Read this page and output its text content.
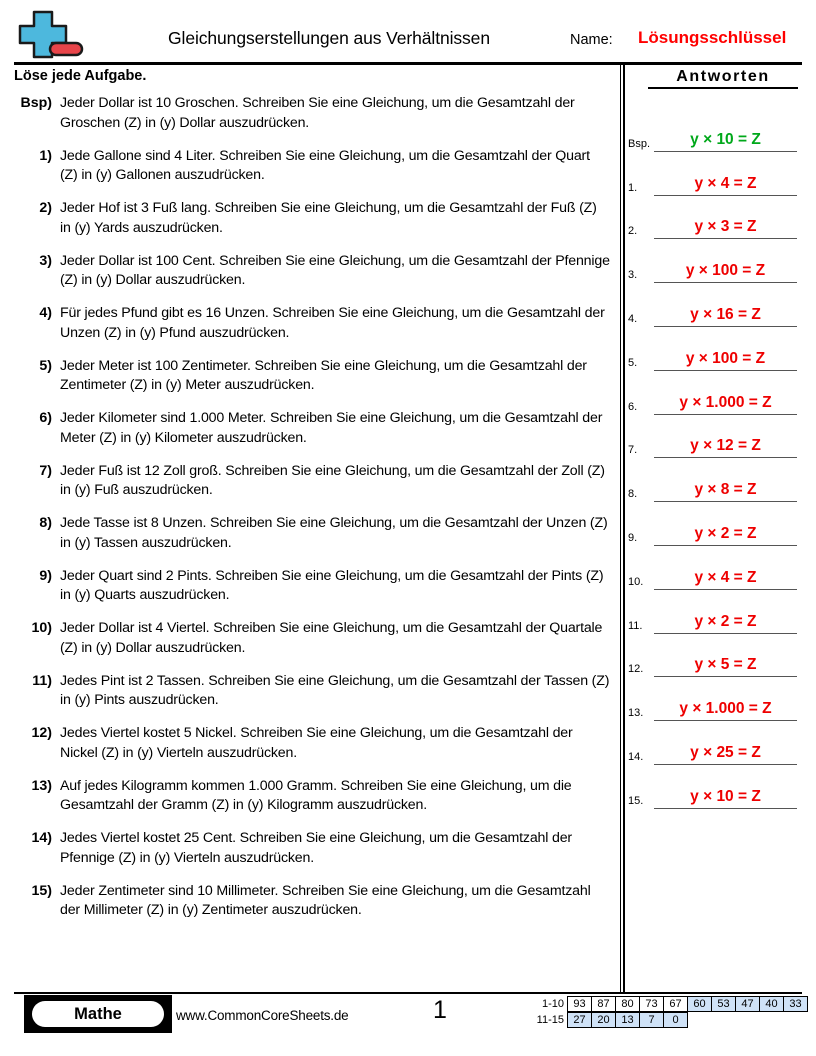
Gleichungserstellungen aus Verhältnissen	Name: Lösungsschlüssel
Löse jede Aufgabe.	Antworten
Bsp) Jeder Dollar ist 10 Groschen. Schreiben Sie eine Gleichung, um die Gesamtzahl der Groschen (Z) in (y) Dollar auszudrücken.
1) Jede Gallone sind 4 Liter. Schreiben Sie eine Gleichung, um die Gesamtzahl der Quart (Z) in (y) Gallonen auszudrücken.
2) Jeder Hof ist 3 Fuß lang. Schreiben Sie eine Gleichung, um die Gesamtzahl der Fuß (Z) in (y) Yards auszudrücken.
3) Jeder Dollar ist 100 Cent. Schreiben Sie eine Gleichung, um die Gesamtzahl der Pfennige (Z) in (y) Dollar auszudrücken.
4) Für jedes Pfund gibt es 16 Unzen. Schreiben Sie eine Gleichung, um die Gesamtzahl der Unzen (Z) in (y) Pfund auszudrücken.
5) Jeder Meter ist 100 Zentimeter. Schreiben Sie eine Gleichung, um die Gesamtzahl der Zentimeter (Z) in (y) Meter auszudrücken.
6) Jeder Kilometer sind 1.000 Meter. Schreiben Sie eine Gleichung, um die Gesamtzahl der Meter (Z) in (y) Kilometer auszudrücken.
7) Jeder Fuß ist 12 Zoll groß. Schreiben Sie eine Gleichung, um die Gesamtzahl der Zoll (Z) in (y) Fuß auszudrücken.
8) Jede Tasse ist 8 Unzen. Schreiben Sie eine Gleichung, um die Gesamtzahl der Unzen (Z) in (y) Tassen auszudrücken.
9) Jeder Quart sind 2 Pints. Schreiben Sie eine Gleichung, um die Gesamtzahl der Pints (Z) in (y) Quarts auszudrücken.
10) Jeder Dollar ist 4 Viertel. Schreiben Sie eine Gleichung, um die Gesamtzahl der Quartale (Z) in (y) Dollar auszudrücken.
11) Jedes Pint ist 2 Tassen. Schreiben Sie eine Gleichung, um die Gesamtzahl der Tassen (Z) in (y) Pints auszudrücken.
12) Jedes Viertel kostet 5 Nickel. Schreiben Sie eine Gleichung, um die Gesamtzahl der Nickel (Z) in (y) Vierteln auszudrücken.
13) Auf jedes Kilogramm kommen 1.000 Gramm. Schreiben Sie eine Gleichung, um die Gesamtzahl der Gramm (Z) in (y) Kilogramm auszudrücken.
14) Jedes Viertel kostet 25 Cent. Schreiben Sie eine Gleichung, um die Gesamtzahl der Pfennige (Z) in (y) Vierteln auszudrücken.
15) Jeder Zentimeter sind 10 Millimeter. Schreiben Sie eine Gleichung, um die Gesamtzahl der Millimeter (Z) in (y) Zentimeter auszudrücken.
Bsp.	y × 10 = Z
1.	y × 4 = Z
2.	y × 3 = Z
3.	y × 100 = Z
4.	y × 16 = Z
5.	y × 100 = Z
6.	y × 1.000 = Z
7.	y × 12 = Z
8.	y × 8 = Z
9.	y × 2 = Z
10.	y × 4 = Z
11.	y × 2 = Z
12.	y × 5 = Z
13.	y × 1.000 = Z
14.	y × 25 = Z
15.	y × 10 = Z
Mathe	www.CommonCoreSheets.de	1	1-10 93	87	80	73	67	60	53	47	40	33
11-15 27	20	13	7	0
